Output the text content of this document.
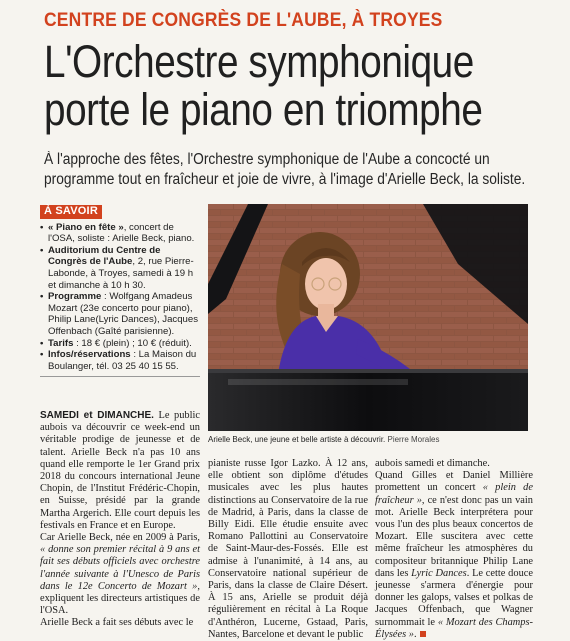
CENTRE DE CONGRÈS DE L'AUBE, À TROYES
L'Orchestre symphonique
porte le piano en triomphe
À l'approche des fêtes, l'Orchestre symphonique de l'Aube a concocté un
programme tout en fraîcheur et joie de vivre, à l'image d'Arielle Beck, la soliste.
À SAVOIR
• « Piano en fête », concert de l'OSA, soliste : Arielle Beck, piano.
• Auditorium du Centre de Congrès de l'Aube, 2, rue Pierre-Labonde, à Troyes, samedi à 19 h et dimanche à 10 h 30.
• Programme : Wolfgang Amadeus Mozart (23e concerto pour piano), Philip Lane(Lyric Dances), Jacques Offenbach (Gaîté parisienne).
• Tarifs : 18 € (plein) ; 10 € (réduit).
• Infos/réservations : La Maison du Boulanger, tél. 03 25 40 15 55.
Arielle Beck, une jeune et belle artiste à découvrir. Pierre Morales

SAMEDI et DIMANCHE. Le public aubois va découvrir ce week-end un véritable prodige de jeunesse et de talent. Arielle Beck n'a pas 10 ans quand elle remporte le 1er Grand prix 2018 du concours international Jeune Chopin, de l'Institut Frédéric-Chopin, en Suisse, présidé par la grande Martha Argerich. Elle court depuis les festivals en France et en Europe.

Car Arielle Beck, née en 2009 à Paris, « donne son premier récital à 9 ans et fait ses débuts officiels avec orchestre l'année suivante à l'Unesco de Paris dans le 12e Concerto de Mozart », expliquent les directeurs artistiques de l'OSA.

Arielle Beck a fait ses débuts avec le

pianiste russe Igor Lazko. À 12 ans, elle obtient son diplôme d'études musicales avec les plus hautes distinctions au Conservatoire de la rue de Madrid, à Paris, dans la classe de Billy Eidi. Elle étudie ensuite avec Romano Pallottini au Conservatoire de Saint-Maur-des-Fossés. Elle est admise à l'unanimité, à 14 ans, au Conservatoire national supérieur de Paris, dans la classe de Claire Désert. À 15 ans, Arielle se produit déjà régulièrement en récital à La Roque d'Anthéron, Lucerne, Gstaad, Paris, Nantes, Barcelone et devant le public

aubois samedi et dimanche.

Quand Gilles et Daniel Millière promettent un concert « plein de fraîcheur », ce n'est donc pas un vain mot. Arielle Beck interprétera pour vous l'un des plus beaux concertos de Mozart. Elle suscitera avec cette même fraîcheur les atmosphères du compositeur britannique Philip Lane dans les Lyric Dances. Le cette douce jeunesse s'armera d'énergie pour donner les galops, valses et polkas de Jacques Offenbach, que Wagner surnommait le « Mozart des Champs-Élysées ».
